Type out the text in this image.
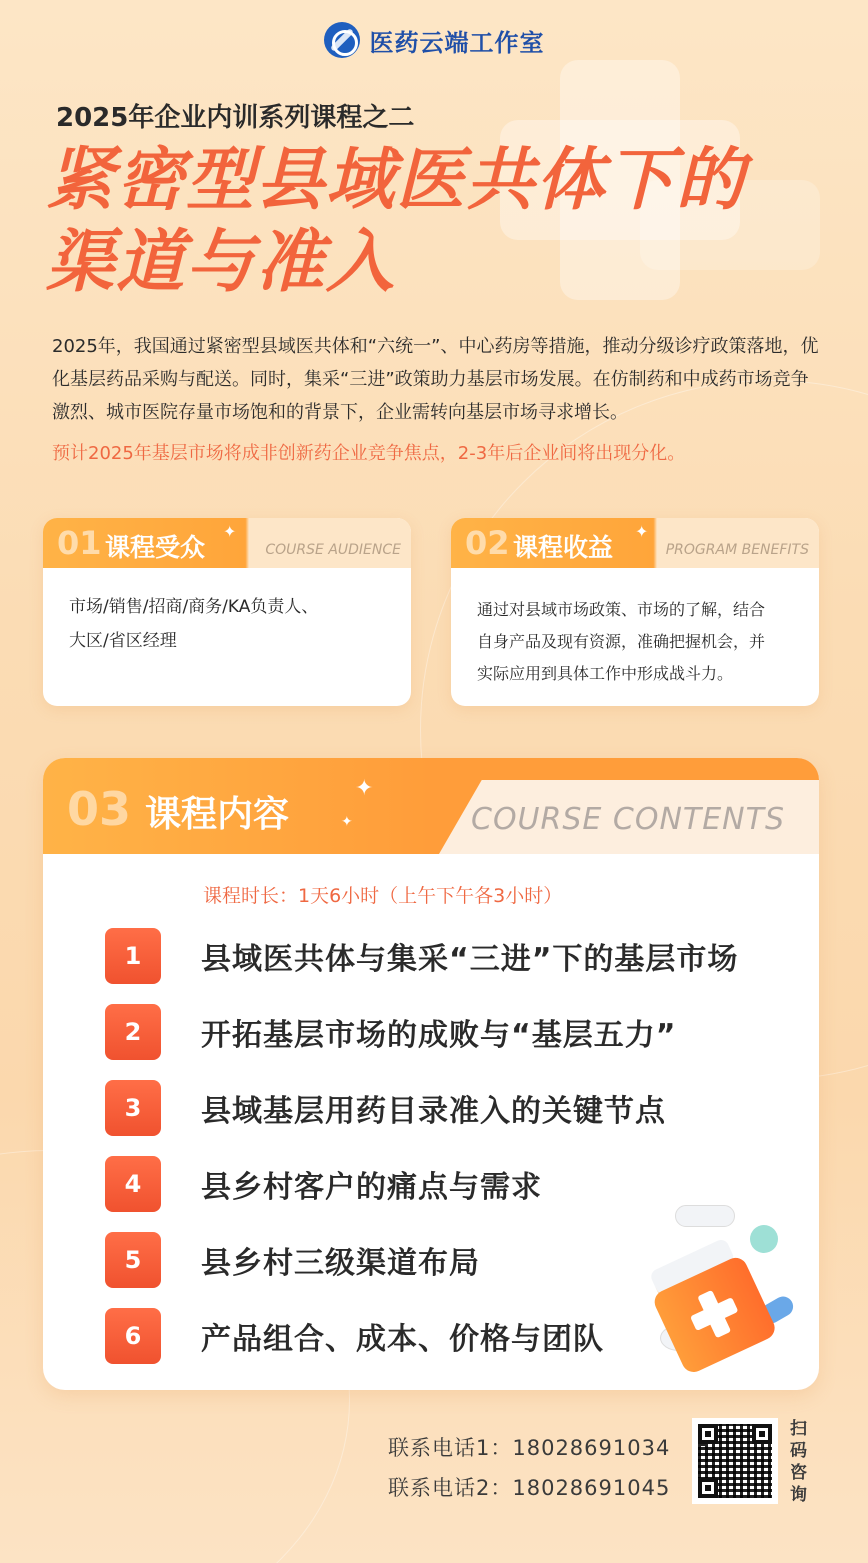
医药云端工作室
2025年企业内训系列课程之二
紧密型县域医共体下的
渠道与准入
2025年，我国通过紧密型县域医共体和“六统一”、中心药房等措施，推动分级诊疗政策落地，优化基层药品采购与配送。同时，集采“三进”政策助力基层市场发展。在仿制药和中成药市场竞争激烈、城市医院存量市场饱和的背景下，企业需转向基层市场寻求增长。
预计2025年基层市场将成非创新药企业竞争焦点，2-3年后企业间将出现分化。
01 课程受众
✦
COURSE AUDIENCE
市场/销售/招商/商务/KA负责人、
大区/省区经理
02 课程收益
✦
PROGRAM BENEFITS
通过对县域市场政策、市场的了解，结合
自身产品及现有资源，准确把握机会，并
实际应用到具体工作中形成战斗力。
03 课程内容
✦
✦	COURSE CONTENTS
课程时长：1天6小时（上午下午各3小时）
1	县域医共体与集采“三进”下的基层市场
2	开拓基层市场的成败与“基层五力”
3	县域基层用药目录准入的关键节点
4	县乡村客户的痛点与需求
5	县乡村三级渠道布局
6	产品组合、成本、价格与团队
联系电话1：18028691034
联系电话2：18028691045
扫码咨询
